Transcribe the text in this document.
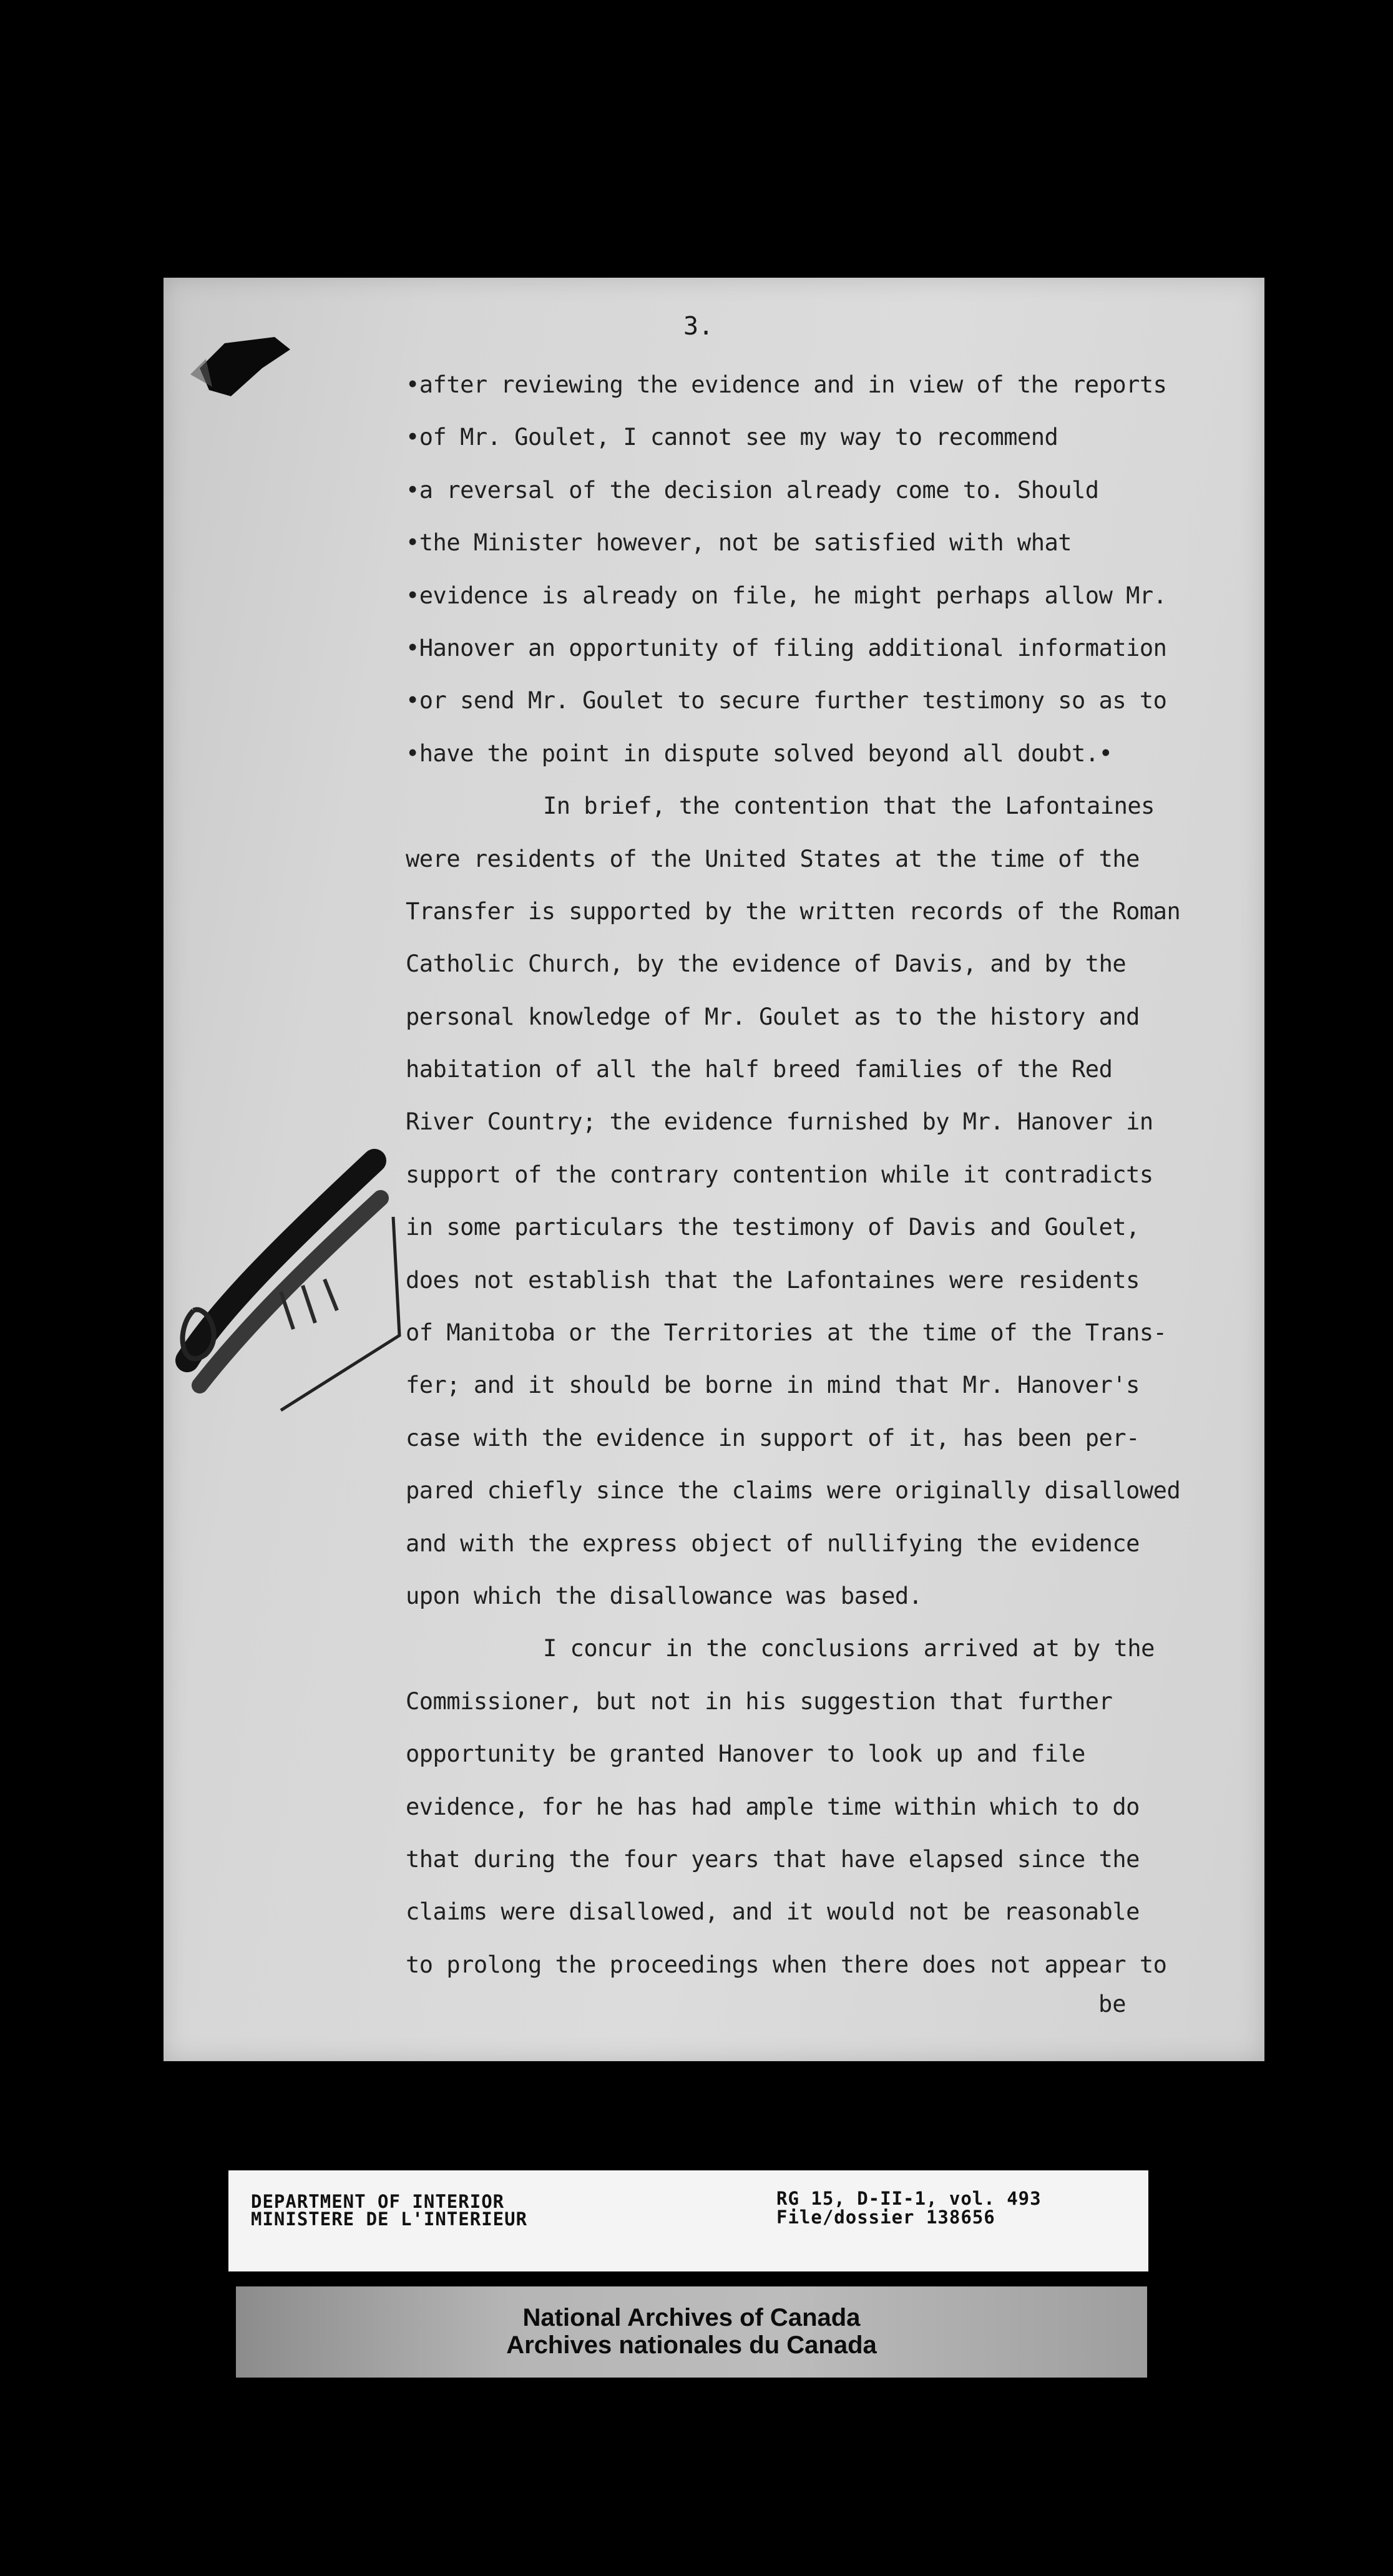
3.

•after reviewing the evidence and in view of the reports
•of Mr. Goulet, I cannot see my way to recommend
•a reversal of the decision already come to. Should
•the Minister however, not be satisfied with what
•evidence is already on file, he might perhaps allow Mr.
•Hanover an opportunity of filing additional information
•or send Mr. Goulet to secure further testimony so as to
•have the point in dispute solved beyond all doubt.•
In brief, the contention that the Lafontaines
were residents of the United States at the time of the
Transfer is supported by the written records of the Roman
Catholic Church, by the evidence of Davis, and by the
personal knowledge of Mr. Goulet as to the history and
habitation of all the half breed families of the Red
River Country; the evidence furnished by Mr. Hanover in
support of the contrary contention while it contradicts
in some particulars the testimony of Davis and Goulet,
does not establish that the Lafontaines were residents
of Manitoba or the Territories at the time of the Trans-
fer; and it should be borne in mind that Mr. Hanover's
case with the evidence in support of it, has been per-
pared chiefly since the claims were originally disallowed
and with the express object of nullifying the evidence
upon which the disallowance was based.
I concur in the conclusions arrived at by the
Commissioner, but not in his suggestion that further
opportunity be granted Hanover to look up and file
evidence, for he has had ample time within which to do
that during the four years that have elapsed since the
claims were disallowed, and it would not be reasonable
to prolong the proceedings when there does not appear to

be

DEPARTMENT OF INTERIOR

MINISTERE DE L'INTERIEUR

RG 15, D-II-1, vol. 493

File/dossier 138656

National Archives of Canada

Archives nationales du Canada
